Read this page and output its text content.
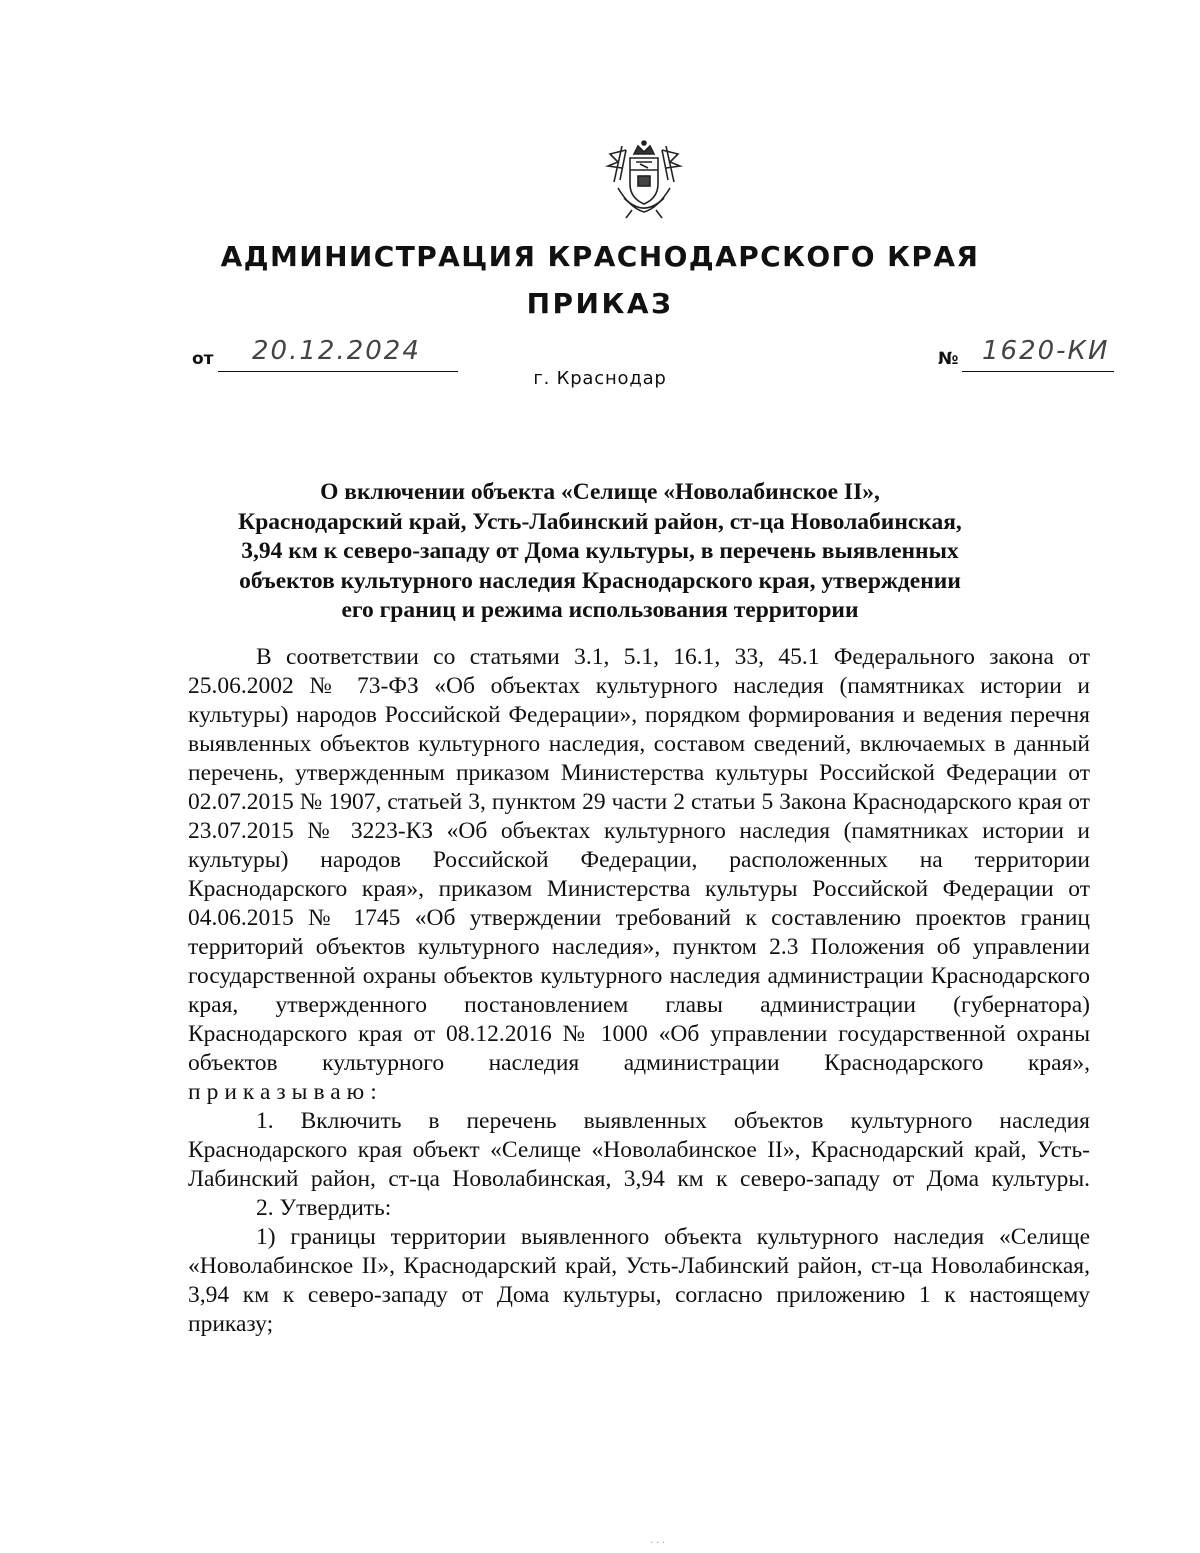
АДМИНИСТРАЦИЯ КРАСНОДАРСКОГО КРАЯ
ПРИКАЗ
от 20.12.2024	№ 1620-КИ
г. Краснодар
О включении объекта «Селище «Новолабинское II»,
Краснодарский край, Усть-Лабинский район, ст-ца Новолабинская,
3,94 км к северо-западу от Дома культуры, в перечень выявленных
объектов культурного наследия Краснодарского края, утверждении
его границ и режима использования территории

В соответствии со статьями 3.1, 5.1, 16.1, 33, 45.1 Федерального закона от 25.06.2002 № 73-ФЗ «Об объектах культурного наследия (памятниках истории и культуры) народов Российской Федерации», порядком формирования и ведения перечня выявленных объектов культурного наследия, составом сведений, включаемых в данный перечень, утвержденным приказом Министерства культуры Российской Федерации от 02.07.2015 № 1907, статьей 3, пунктом 29 части 2 статьи 5 Закона Краснодарского края от 23.07.2015 № 3223-КЗ «Об объектах культурного наследия (памятниках истории и культуры) народов Российской Федерации, расположенных на территории Краснодарского края», приказом Министерства культуры Российской Федерации от 04.06.2015 № 1745 «Об утверждении требований к составлению проектов границ территорий объектов культурного наследия», пунктом 2.3 Положения об управлении государственной охраны объектов культурного наследия администрации Краснодарского края, утвержденного постановлением главы администрации (губернатора) Краснодарского края от 08.12.2016 № 1000 «Об управлении государственной охраны объектов культурного наследия администрации Краснодарского края»,

приказываю:

1. Включить в перечень выявленных объектов культурного наследия Краснодарского края объект «Селище «Новолабинское II», Краснодарский край, Усть-Лабинский район, ст-ца Новолабинская, 3,94 км к северо-западу от Дома культуры.

2. Утвердить:

1) границы территории выявленного объекта культурного наследия «Селище «Новолабинское II», Краснодарский край, Усть-Лабинский район, ст-ца Новолабинская, 3,94 км к северо-западу от Дома культуры, согласно приложению 1 к настоящему приказу;

· · ·
